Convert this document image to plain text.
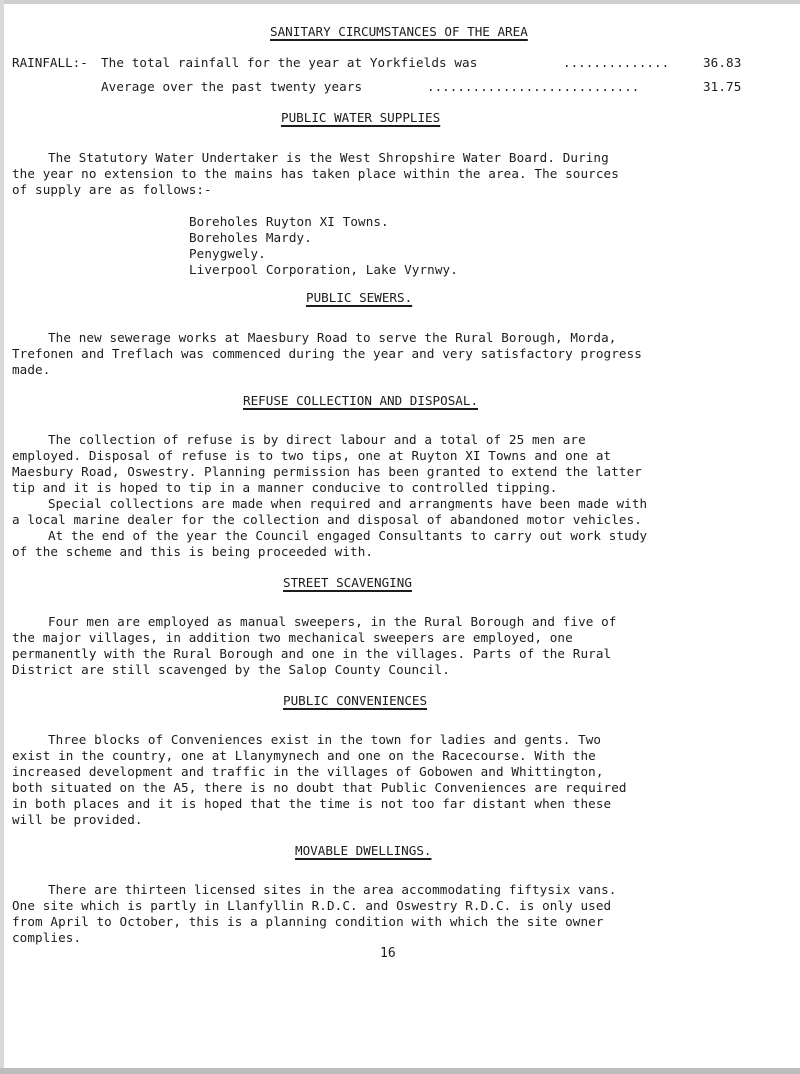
SANITARY CIRCUMSTANCES OF THE AREA
RAINFALL:- The total rainfall for the year at Yorkfields was	..............	36.83
Average over the past twenty years	............................	31.75
PUBLIC WATER SUPPLIES
The Statutory Water Undertaker is the West Shropshire Water Board. During
the year no extension to the mains has taken place within the area. The sources
of supply are as follows:-
Boreholes Ruyton XI Towns.
Boreholes Mardy.
Penygwely.
Liverpool Corporation, Lake Vyrnwy.
PUBLIC SEWERS.
The new sewerage works at Maesbury Road to serve the Rural Borough, Morda,
Trefonen and Treflach was commenced during the year and very satisfactory progress
made.
REFUSE COLLECTION AND DISPOSAL.
The collection of refuse is by direct labour and a total of 25 men are
employed. Disposal of refuse is to two tips, one at Ruyton XI Towns and one at
Maesbury Road, Oswestry. Planning permission has been granted to extend the latter
tip and it is hoped to tip in a manner conducive to controlled tipping.
Special collections are made when required and arrangments have been made with
a local marine dealer for the collection and disposal of abandoned motor vehicles.
At the end of the year the Council engaged Consultants to carry out work study
of the scheme and this is being proceeded with.
STREET SCAVENGING
Four men are employed as manual sweepers, in the Rural Borough and five of
the major villages, in addition two mechanical sweepers are employed, one
permanently with the Rural Borough and one in the villages. Parts of the Rural
District are still scavenged by the Salop County Council.
PUBLIC CONVENIENCES
Three blocks of Conveniences exist in the town for ladies and gents. Two
exist in the country, one at Llanymynech and one on the Racecourse. With the
increased development and traffic in the villages of Gobowen and Whittington,
both situated on the A5, there is no doubt that Public Conveniences are required
in both places and it is hoped that the time is not too far distant when these
will be provided.
MOVABLE DWELLINGS.
There are thirteen licensed sites in the area accommodating fiftysix vans.
One site which is partly in Llanfyllin R.D.C. and Oswestry R.D.C. is only used
from April to October, this is a planning condition with which the site owner
complies.
16
